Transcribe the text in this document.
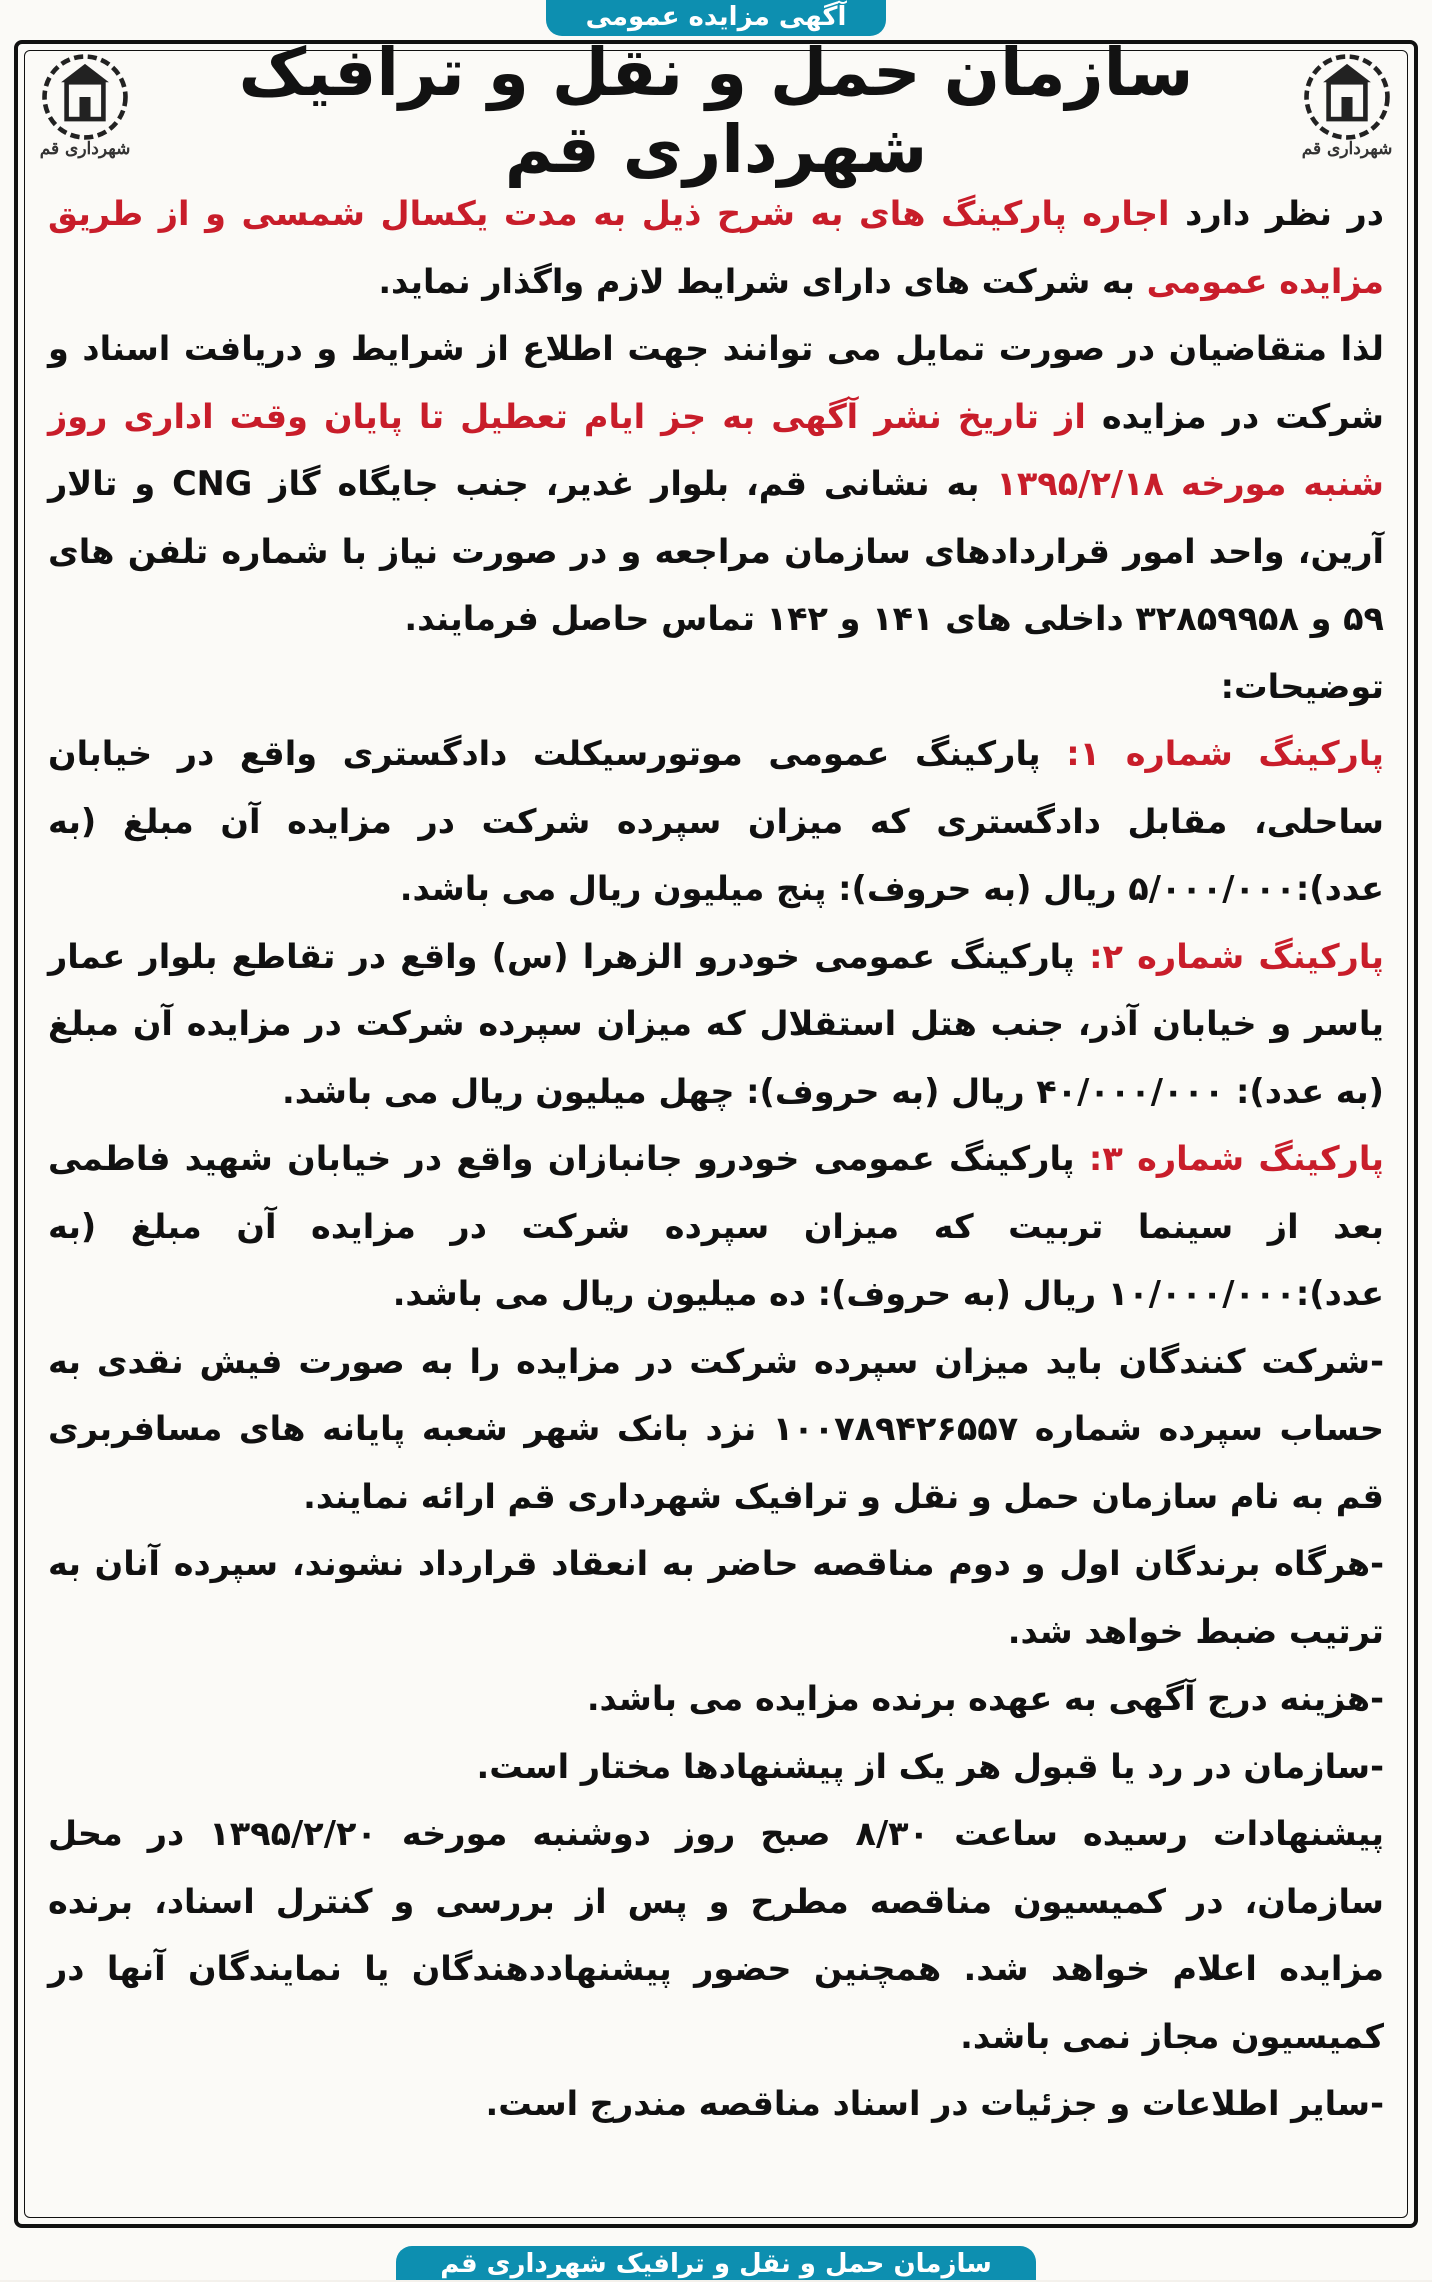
آگهی مزایده عمومی
شهرداری قم
سازمان حمل و نقل و ترافیک شهرداری قم
شهرداری قم

در نظر دارد اجاره پارکینگ های به شرح ذیل به مدت یکسال شمسی و از طریق مزایده عمومی به شرکت های دارای شرایط لازم واگذار نماید.

لذا متقاضیان در صورت تمایل می توانند جهت اطلاع از شرایط و دریافت اسناد و شرکت در مزایده از تاریخ نشر آگهی به جز ایام تعطیل تا پایان وقت اداری روز شنبه مورخه ۱۳۹۵/۲/۱۸ به نشانی قم، بلوار غدیر، جنب جایگاه گاز CNG و تالار آرین، واحد امور قراردادهای سازمان مراجعه و در صورت نیاز با شماره تلفن های ۵۹ و ۳۲۸۵۹۹۵۸ داخلی های ۱۴۱ و ۱۴۲ تماس حاصل فرمایند.

توضیحات:

پارکینگ شماره ۱: پارکینگ عمومی موتورسیکلت دادگستری واقع در خیابان ساحلی، مقابل دادگستری که میزان سپرده شرکت در مزایده آن مبلغ (به عدد):۵/۰۰۰/۰۰۰ ریال (به حروف): پنج میلیون ریال می باشد.

پارکینگ شماره ۲: پارکینگ عمومی خودرو الزهرا (س) واقع در تقاطع بلوار عمار یاسر و خیابان آذر، جنب هتل استقلال که میزان سپرده شرکت در مزایده آن مبلغ (به عدد): ۴۰/۰۰۰/۰۰۰ ریال (به حروف): چهل میلیون ریال می باشد.

پارکینگ شماره ۳: پارکینگ عمومی خودرو جانبازان واقع در خیابان شهید فاطمی بعد از سینما تربیت که میزان سپرده شرکت در مزایده آن مبلغ (به عدد):۱۰/۰۰۰/۰۰۰ ریال (به حروف): ده میلیون ریال می باشد.

-شرکت کنندگان باید میزان سپرده شرکت در مزایده را به صورت فیش نقدی به حساب سپرده شماره ۱۰۰۷۸۹۴۲۶۵۵۷ نزد بانک شهر شعبه پایانه های مسافربری قم به نام سازمان حمل و نقل و ترافیک شهرداری قم ارائه نمایند.

-هرگاه برندگان اول و دوم مناقصه حاضر به انعقاد قرارداد نشوند، سپرده آنان به ترتیب ضبط خواهد شد.

-هزینه درج آگهی به عهده برنده مزایده می باشد.

-سازمان در رد یا قبول هر یک از پیشنهادها مختار است.

پیشنهادات رسیده ساعت ۸/۳۰ صبح روز دوشنبه مورخه ۱۳۹۵/۲/۲۰ در محل سازمان، در کمیسیون مناقصه مطرح و پس از بررسی و کنترل اسناد، برنده مزایده اعلام خواهد شد. همچنین حضور پیشنهاددهندگان یا نمایندگان آنها در کمیسیون مجاز نمی باشد.

-سایر اطلاعات و جزئیات در اسناد مناقصه مندرج است.

سازمان حمل و نقل و ترافیک شهرداری قم
